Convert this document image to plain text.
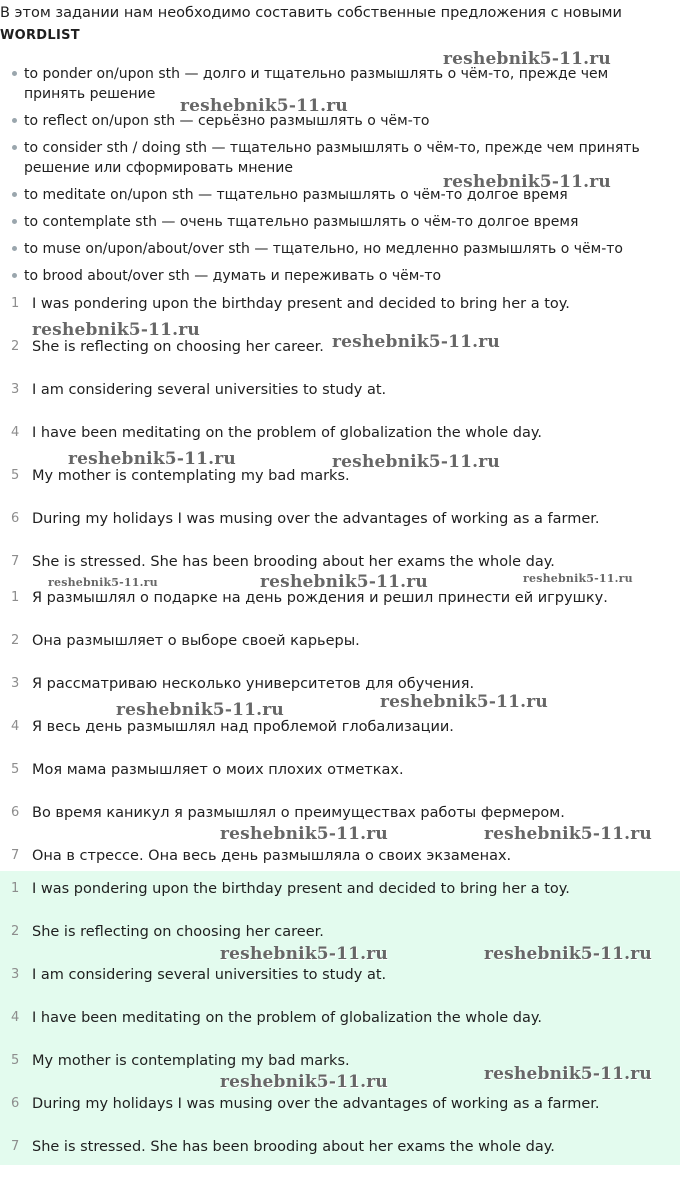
В этом задании нам необходимо составить собственные предложения с новыми
WORDLIST
to ponder on/upon sth — долго и тщательно размышлять о чём-то, прежде чем принять решение
to reflect on/upon sth — серьёзно размышлять о чём-то
to consider sth / doing sth — тщательно размышлять о чём-то, прежде чем принять решение или сформировать мнение
to meditate on/upon sth — тщательно размышлять о чём-то долгое время
to contemplate sth — очень тщательно размышлять о чём-то долгое время
to muse on/upon/about/over sth — тщательно, но медленно размышлять о чём-то
to brood about/over sth — думать и переживать о чём-то
1 I was pondering upon the birthday present and decided to bring her a toy.
2 She is reflecting on choosing her career.
3 I am considering several universities to study at.
4 I have been meditating on the problem of globalization the whole day.
5 My mother is contemplating my bad marks.
6 During my holidays I was musing over the advantages of working as a farmer.
7 She is stressed. She has been brooding about her exams the whole day.
1 Я размышлял о подарке на день рождения и решил принести ей игрушку.
2 Она размышляет о выборе своей карьеры.
3 Я рассматриваю несколько университетов для обучения.
4 Я весь день размышлял над проблемой глобализации.
5 Моя мама размышляет о моих плохих отметках.
6 Во время каникул я размышлял о преимуществах работы фермером.
7 Она в стрессе. Она весь день размышляла о своих экзаменах.
1 I was pondering upon the birthday present and decided to bring her a toy.
2 She is reflecting on choosing her career.
3 I am considering several universities to study at.
4 I have been meditating on the problem of globalization the whole day.
5 My mother is contemplating my bad marks.
6 During my holidays I was musing over the advantages of working as a farmer.
7 She is stressed. She has been brooding about her exams the whole day.
reshebnik5-11.ru
reshebnik5-11.ru
reshebnik5-11.ru
reshebnik5-11.ru
reshebnik5-11.ru
reshebnik5-11.ru	reshebnik5-11.ru
reshebnik5-11.ru	reshebnik5-11.ru	reshebnik5-11.ru
reshebnik5-11.ru
reshebnik5-11.ru
reshebnik5-11.ru	reshebnik5-11.ru
reshebnik5-11.ru	reshebnik5-11.ru
reshebnik5-11.ru
reshebnik5-11.ru
